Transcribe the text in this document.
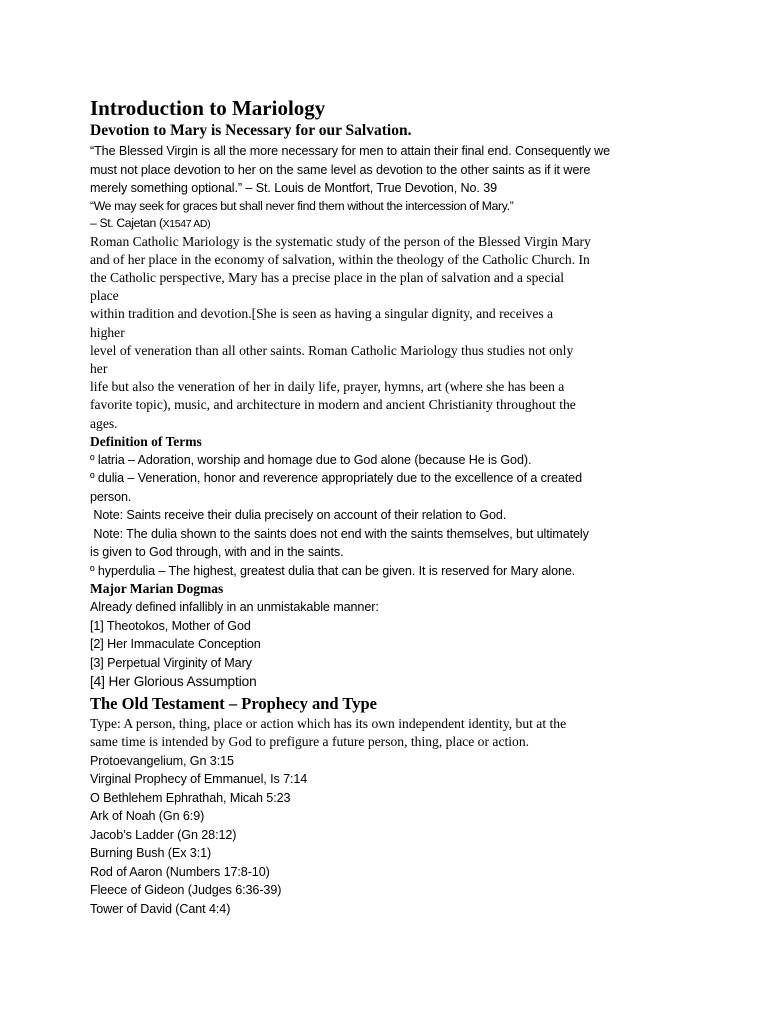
Introduction to Mariology
Devotion to Mary is Necessary for our Salvation.

“The Blessed Virgin is all the more necessary for men to attain their final end. Consequently we
must not place devotion to her on the same level as devotion to the other saints as if it were
merely something optional.” – St. Louis de Montfort, True Devotion, No. 39

“We may seek for graces but shall never find them without the intercession of Mary.”
– St. Cajetan (X1547 AD)

Roman Catholic Mariology is the systematic study of the person of the Blessed Virgin Mary
and of her place in the economy of salvation, within the theology of the Catholic Church. In
the Catholic perspective, Mary has a precise place in the plan of salvation and a special
place
within tradition and devotion.[She is seen as having a singular dignity, and receives a
higher
level of veneration than all other saints. Roman Catholic Mariology thus studies not only
her
life but also the veneration of her in daily life, prayer, hymns, art (where she has been a
favorite topic), music, and architecture in modern and ancient Christianity throughout the
ages.

Definition of Terms

º latria – Adoration, worship and homage due to God alone (because He is God).
º dulia – Veneration, honor and reverence appropriately due to the excellence of a created
person.
Note: Saints receive their dulia precisely on account of their relation to God.
Note: The dulia shown to the saints does not end with the saints themselves, but ultimately
is given to God through, with and in the saints.
º hyperdulia – The highest, greatest dulia that can be given. It is reserved for Mary alone.

Major Marian Dogmas

Already defined infallibly in an unmistakable manner:
[1] Theotokos, Mother of God
[2] Her Immaculate Conception
[3] Perpetual Virginity of Mary

[4] Her Glorious Assumption

The Old Testament – Prophecy and Type

Type: A person, thing, place or action which has its own independent identity, but at the
same time is intended by God to prefigure a future person, thing, place or action.

Protoevangelium, Gn 3:15
Virginal Prophecy of Emmanuel, Is 7:14
O Bethlehem Ephrathah, Micah 5:23
Ark of Noah (Gn 6:9)
Jacob’s Ladder (Gn 28:12)
Burning Bush (Ex 3:1)
Rod of Aaron (Numbers 17:8-10)
Fleece of Gideon (Judges 6:36-39)
Tower of David (Cant 4:4)
